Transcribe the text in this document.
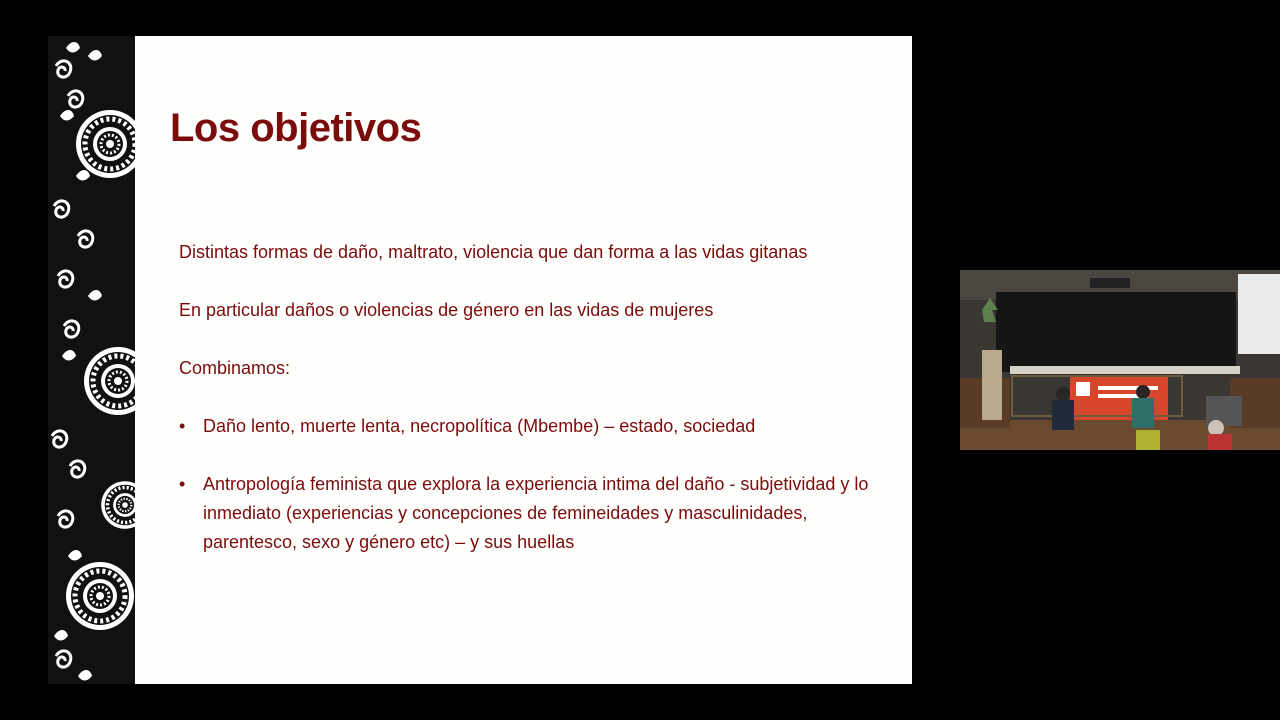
Los objetivos

Distintas formas de daño, maltrato, violencia que dan forma a las vidas gitanas

En particular daños o violencias de género en las vidas de mujeres

Combinamos:

• Daño lento, muerte lenta, necropolítica (Mbembe) – estado, sociedad
• Antropología feminista que explora la experiencia intima del daño - subjetividad y lo inmediato (experiencias y concepciones de femineidades y masculinidades, parentesco, sexo y género etc) – y sus huellas
